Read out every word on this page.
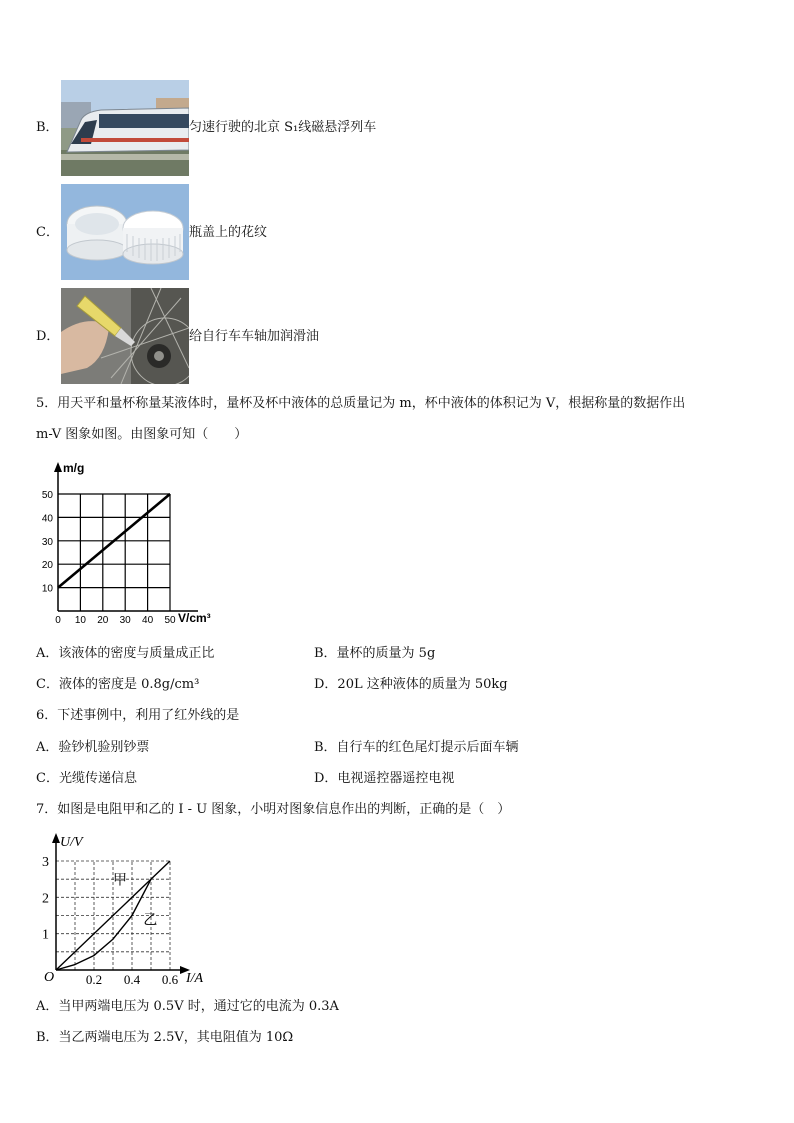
B．	匀速行驶的北京 S₁线磁悬浮列车
C．	瓶盖上的花纹
D．	给自行车车轴加润滑油
5．用天平和量杯称量某液体时，量杯及杯中液体的总质量记为 m，杯中液体的体积记为 V，根据称量的数据作出
m-V 图象如图。由图象可知（　　）
m/g
V/cm³
0 10 20 30 40 50
10
20
30
40
50
A．该液体的密度与质量成正比	B．量杯的质量为 5g
C．液体的密度是 0.8g/cm³	D．20L 这种液体的质量为 50kg
6．下述事例中，利用了红外线的是
A．验钞机验别钞票	B．自行车的红色尾灯提示后面车辆
C．光缆传递信息	D．电视遥控器遥控电视
7．如图是电阻甲和乙的 I - U 图象，小明对图象信息作出的判断，正确的是（　）
U/V
I/A
O 0.2 0.4 0.6
1
2
3
甲
乙
A．当甲两端电压为 0.5V 时，通过它的电流为 0.3A
B．当乙两端电压为 2.5V，其电阻值为 10Ω
